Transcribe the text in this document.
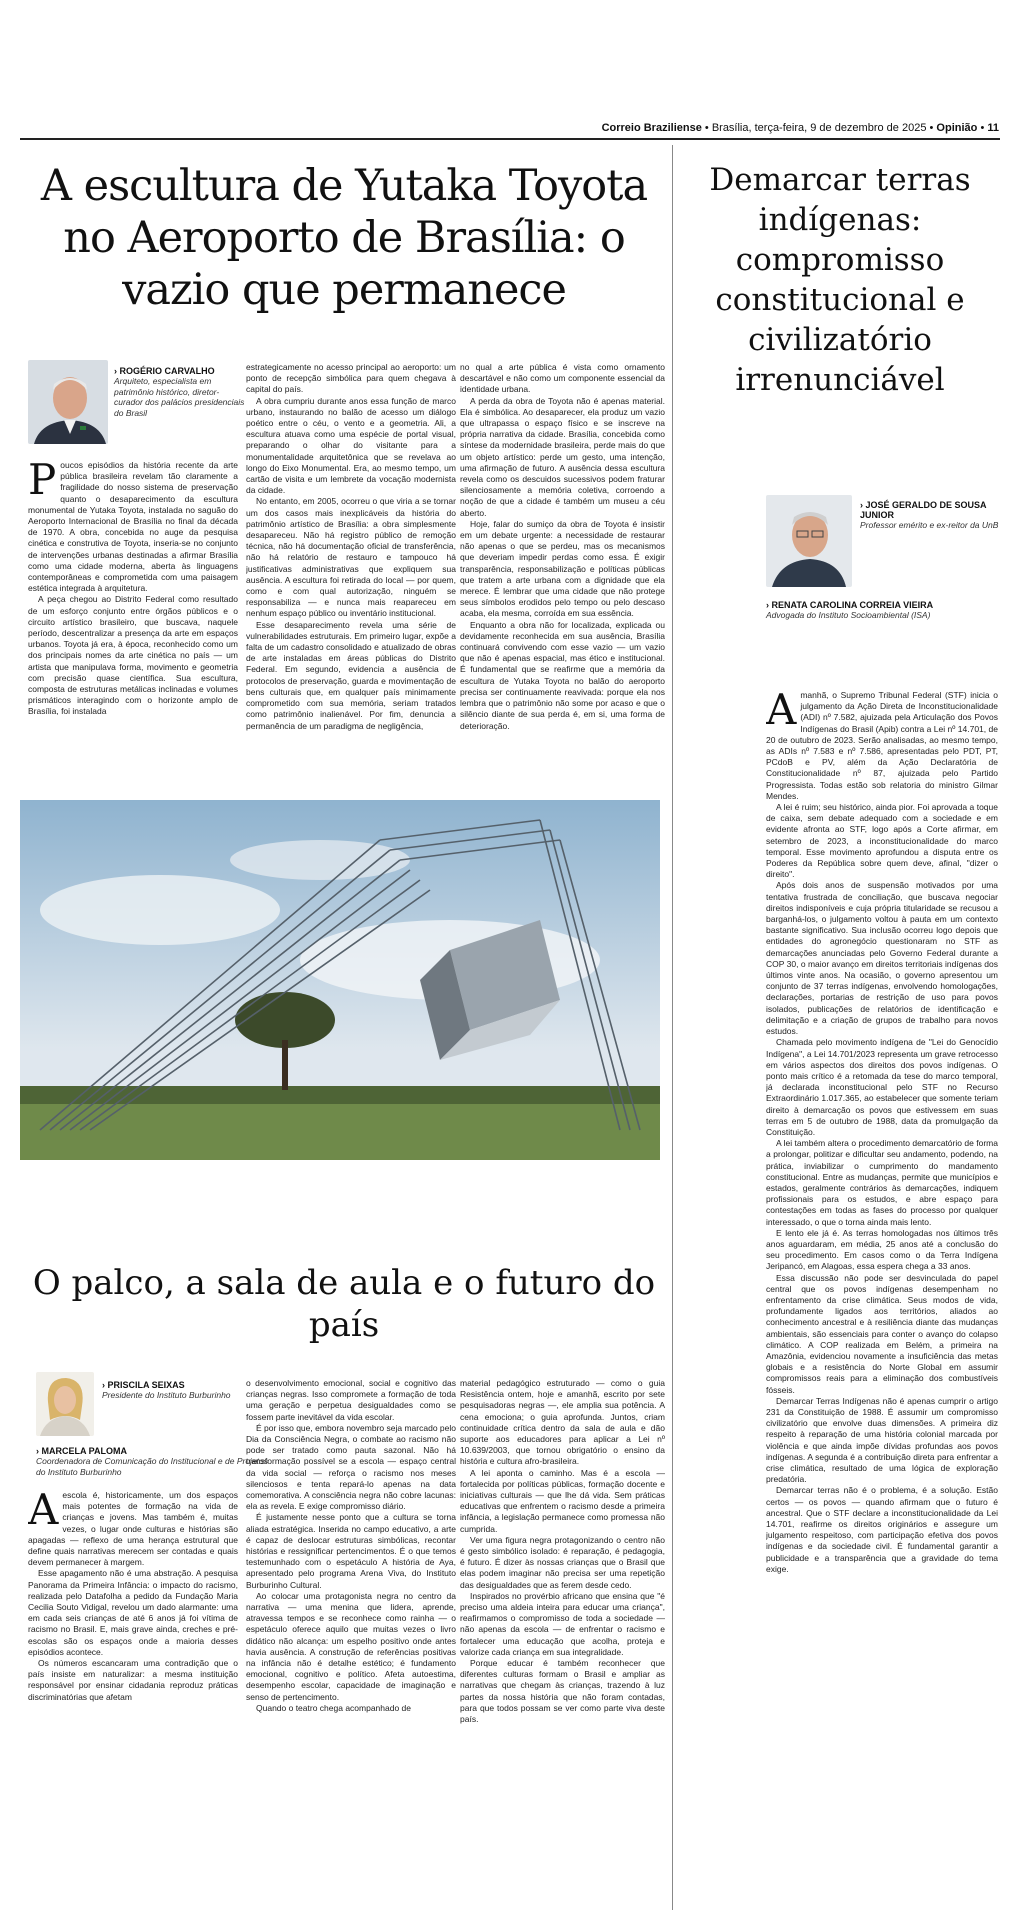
Correio Braziliense • Brasília, terça-feira, 9 de dezembro de 2025 • Opinião • 11
A escultura de Yutaka Toyota no Aeroporto de Brasília: o vazio que permanece
› ROGÉRIO CARVALHO
Arquiteto, especialista em patrimônio histórico, diretor-curador dos palácios presidenciais do Brasil
P oucos episódios da história recente da arte pública brasileira revelam tão claramente a fragilidade do nosso sistema de preservação quanto o desaparecimento da escultura monumental de Yutaka Toyota, instalada no saguão do Aeroporto Internacional de Brasília no final da década de 1970. A obra, concebida no auge da pesquisa cinética e construtiva de Toyota, inseria-se no conjunto de intervenções urbanas destinadas a afirmar Brasília como uma cidade moderna, aberta às linguagens contemporâneas e comprometida com uma paisagem estética integrada à arquitetura.

A peça chegou ao Distrito Federal como resultado de um esforço conjunto entre órgãos públicos e o circuito artístico brasileiro, que buscava, naquele período, descentralizar a presença da arte em espaços urbanos. Toyota já era, à época, reconhecido como um dos principais nomes da arte cinética no país — um artista que manipulava forma, movimento e geometria com precisão quase científica. Sua escultura, composta de estruturas metálicas inclinadas e volumes prismáticos interagindo com o horizonte amplo de Brasília, foi instalada

estrategicamente no acesso principal ao aeroporto: um ponto de recepção simbólica para quem chegava à capital do país.

A obra cumpriu durante anos essa função de marco urbano, instaurando no balão de acesso um diálogo poético entre o céu, o vento e a geometria. Ali, a escultura atuava como uma espécie de portal visual, preparando o olhar do visitante para a monumentalidade arquitetônica que se revelava ao longo do Eixo Monumental. Era, ao mesmo tempo, um cartão de visita e um lembrete da vocação modernista da cidade.

No entanto, em 2005, ocorreu o que viria a se tornar um dos casos mais inexplicáveis da história do patrimônio artístico de Brasília: a obra simplesmente desapareceu. Não há registro público de remoção técnica, não há documentação oficial de transferência, não há relatório de restauro e tampouco há justificativas administrativas que expliquem sua ausência. A escultura foi retirada do local — por quem, como e com qual autorização, ninguém se responsabiliza — e nunca mais reapareceu em nenhum espaço público ou inventário institucional.

Esse desaparecimento revela uma série de vulnerabilidades estruturais. Em primeiro lugar, expõe a falta de um cadastro consolidado e atualizado de obras de arte instaladas em áreas públicas do Distrito Federal. Em segundo, evidencia a ausência de protocolos de preservação, guarda e movimentação de bens culturais que, em qualquer país minimamente comprometido com sua memória, seriam tratados como patrimônio inalienável. Por fim, denuncia a permanência de um paradigma de negligência,

no qual a arte pública é vista como ornamento descartável e não como um componente essencial da identidade urbana.

A perda da obra de Toyota não é apenas material. Ela é simbólica. Ao desaparecer, ela produz um vazio que ultrapassa o espaço físico e se inscreve na própria narrativa da cidade. Brasília, concebida como síntese da modernidade brasileira, perde mais do que um objeto artístico: perde um gesto, uma intenção, uma afirmação de futuro. A ausência dessa escultura revela como os descuidos sucessivos podem fraturar silenciosamente a memória coletiva, corroendo a noção de que a cidade é também um museu a céu aberto.

Hoje, falar do sumiço da obra de Toyota é insistir em um debate urgente: a necessidade de restaurar não apenas o que se perdeu, mas os mecanismos que deveriam impedir perdas como essa. É exigir transparência, responsabilização e políticas públicas que tratem a arte urbana com a dignidade que ela merece. É lembrar que uma cidade que não protege seus símbolos erodidos pelo tempo ou pelo descaso acaba, ela mesma, corroída em sua essência.

Enquanto a obra não for localizada, explicada ou devidamente reconhecida em sua ausência, Brasília continuará convivendo com esse vazio — um vazio que não é apenas espacial, mas ético e institucional. É fundamental que se reafirme que a memória da escultura de Yutaka Toyota no balão do aeroporto precisa ser continuamente reavivada: porque ela nos lembra que o patrimônio não some por acaso e que o silêncio diante de sua perda é, em si, uma forma de deterioração.

O palco, a sala de aula e o futuro do país
› PRISCILA SEIXAS
Presidente do Instituto Burburinho
› MARCELA PALOMA
Coordenadora de Comunicação do Institucional e de Projetos do Instituto Burburinho
A escola é, historicamente, um dos espaços mais potentes de formação na vida de crianças e jovens. Mas também é, muitas vezes, o lugar onde culturas e histórias são apagadas — reflexo de uma herança estrutural que define quais narrativas merecem ser contadas e quais devem permanecer à margem.

Esse apagamento não é uma abstração. A pesquisa Panorama da Primeira Infância: o impacto do racismo, realizada pelo Datafolha a pedido da Fundação Maria Cecilia Souto Vidigal, revelou um dado alarmante: uma em cada seis crianças de até 6 anos já foi vítima de racismo no Brasil. E, mais grave ainda, creches e pré-escolas são os espaços onde a maioria desses episódios acontece.

Os números escancaram uma contradição que o país insiste em naturalizar: a mesma instituição responsável por ensinar cidadania reproduz práticas discriminatórias que afetam

o desenvolvimento emocional, social e cognitivo das crianças negras. Isso compromete a formação de toda uma geração e perpetua desigualdades como se fossem parte inevitável da vida escolar.

É por isso que, embora novembro seja marcado pelo Dia da Consciência Negra, o combate ao racismo não pode ser tratado como pauta sazonal. Não há transformação possível se a escola — espaço central da vida social — reforça o racismo nos meses silenciosos e tenta repará-lo apenas na data comemorativa. A consciência negra não cobre lacunas: ela as revela. E exige compromisso diário.

É justamente nesse ponto que a cultura se torna aliada estratégica. Inserida no campo educativo, a arte é capaz de deslocar estruturas simbólicas, recontar histórias e ressignificar pertencimentos. É o que temos testemunhado com o espetáculo A história de Aya, apresentado pelo programa Arena Viva, do Instituto Burburinho Cultural.

Ao colocar uma protagonista negra no centro da narrativa — uma menina que lidera, aprende, atravessa tempos e se reconhece como rainha — o espetáculo oferece aquilo que muitas vezes o livro didático não alcança: um espelho positivo onde antes havia ausência. A construção de referências positivas na infância não é detalhe estético; é fundamento emocional, cognitivo e político. Afeta autoestima, desempenho escolar, capacidade de imaginação e senso de pertencimento.

Quando o teatro chega acompanhado de

material pedagógico estruturado — como o guia Resistência ontem, hoje e amanhã, escrito por sete pesquisadoras negras —, ele amplia sua potência. A cena emociona; o guia aprofunda. Juntos, criam continuidade crítica dentro da sala de aula e dão suporte aos educadores para aplicar a Lei nº 10.639/2003, que tornou obrigatório o ensino da história e cultura afro-brasileira.

A lei aponta o caminho. Mas é a escola — fortalecida por políticas públicas, formação docente e iniciativas culturais — que lhe dá vida. Sem práticas educativas que enfrentem o racismo desde a primeira infância, a legislação permanece como promessa não cumprida.

Ver uma figura negra protagonizando o centro não é gesto simbólico isolado: é reparação, é pedagogia, é futuro. É dizer às nossas crianças que o Brasil que elas podem imaginar não precisa ser uma repetição das desigualdades que as ferem desde cedo.

Inspirados no provérbio africano que ensina que "é preciso uma aldeia inteira para educar uma criança", reafirmamos o compromisso de toda a sociedade — não apenas da escola — de enfrentar o racismo e fortalecer uma educação que acolha, proteja e valorize cada criança em sua integralidade.

Porque educar é também reconhecer que diferentes culturas formam o Brasil e ampliar as narrativas que chegam às crianças, trazendo à luz partes da nossa história que não foram contadas, para que todos possam se ver como parte viva deste país.

Demarcar terras indígenas: compromisso constitucional e civilizatório irrenunciável
› JOSÉ GERALDO DE SOUSA JUNIOR
Professor emérito e ex-reitor da UnB
› RENATA CAROLINA CORREIA VIEIRA
Advogada do Instituto Socioambiental (ISA)
A manhã, o Supremo Tribunal Federal (STF) inicia o julgamento da Ação Direta de Inconstitucionalidade (ADI) nº 7.582, ajuizada pela Articulação dos Povos Indígenas do Brasil (Apib) contra a Lei nº 14.701, de 20 de outubro de 2023. Serão analisadas, ao mesmo tempo, as ADIs nº 7.583 e nº 7.586, apresentadas pelo PDT, PT, PCdoB e PV, além da Ação Declaratória de Constitucionalidade nº 87, ajuizada pelo Partido Progressista. Todas estão sob relatoria do ministro Gilmar Mendes.

A lei é ruim; seu histórico, ainda pior. Foi aprovada a toque de caixa, sem debate adequado com a sociedade e em evidente afronta ao STF, logo após a Corte afirmar, em setembro de 2023, a inconstitucionalidade do marco temporal. Esse movimento aprofundou a disputa entre os Poderes da República sobre quem deve, afinal, "dizer o direito".

Após dois anos de suspensão motivados por uma tentativa frustrada de conciliação, que buscava negociar direitos indisponíveis e cuja própria titularidade se recusou a barganhá-los, o julgamento voltou à pauta em um contexto bastante significativo. Sua inclusão ocorreu logo depois que entidades do agronegócio questionaram no STF as demarcações anunciadas pelo Governo Federal durante a COP 30, o maior avanço em direitos territoriais indígenas dos últimos vinte anos. Na ocasião, o governo apresentou um conjunto de 37 terras indígenas, envolvendo homologações, declarações, portarias de restrição de uso para povos isolados, publicações de relatórios de identificação e delimitação e a criação de grupos de trabalho para novos estudos.

Chamada pelo movimento indígena de "Lei do Genocídio Indígena", a Lei 14.701/2023 representa um grave retrocesso em vários aspectos dos direitos dos povos indígenas. O ponto mais crítico é a retomada da tese do marco temporal, já declarada inconstitucional pelo STF no Recurso Extraordinário 1.017.365, ao estabelecer que somente teriam direito à demarcação os povos que estivessem em suas terras em 5 de outubro de 1988, data da promulgação da Constituição.

A lei também altera o procedimento demarcatório de forma a prolongar, politizar e dificultar seu andamento, podendo, na prática, inviabilizar o cumprimento do mandamento constitucional. Entre as mudanças, permite que municípios e estados, geralmente contrários às demarcações, indiquem profissionais para os estudos, e abre espaço para contestações em todas as fases do processo por qualquer interessado, o que o torna ainda mais lento.

E lento ele já é. As terras homologadas nos últimos três anos aguardaram, em média, 25 anos até a conclusão do seu procedimento. Em casos como o da Terra Indígena Jeripancó, em Alagoas, essa espera chega a 33 anos.

Essa discussão não pode ser desvinculada do papel central que os povos indígenas desempenham no enfrentamento da crise climática. Seus modos de vida, profundamente ligados aos territórios, aliados ao conhecimento ancestral e à resiliência diante das mudanças ambientais, são essenciais para conter o avanço do colapso climático. A COP realizada em Belém, a primeira na Amazônia, evidenciou novamente a insuficiência das metas globais e a resistência do Norte Global em assumir compromissos reais para a eliminação dos combustíveis fósseis.

Demarcar Terras Indígenas não é apenas cumprir o artigo 231 da Constituição de 1988. É assumir um compromisso civilizatório que envolve duas dimensões. A primeira diz respeito à reparação de uma história colonial marcada por violência e que ainda impõe dívidas profundas aos povos indígenas. A segunda é a contribuição direta para enfrentar a crise climática, resultado de uma lógica de exploração predatória.

Demarcar terras não é o problema, é a solução. Estão certos — os povos — quando afirmam que o futuro é ancestral. Que o STF declare a inconstitucionalidade da Lei 14.701, reafirme os direitos originários e assegure um julgamento respeitoso, com participação efetiva dos povos indígenas e da sociedade civil. É fundamental garantir a publicidade e a transparência que a gravidade do tema exige.
